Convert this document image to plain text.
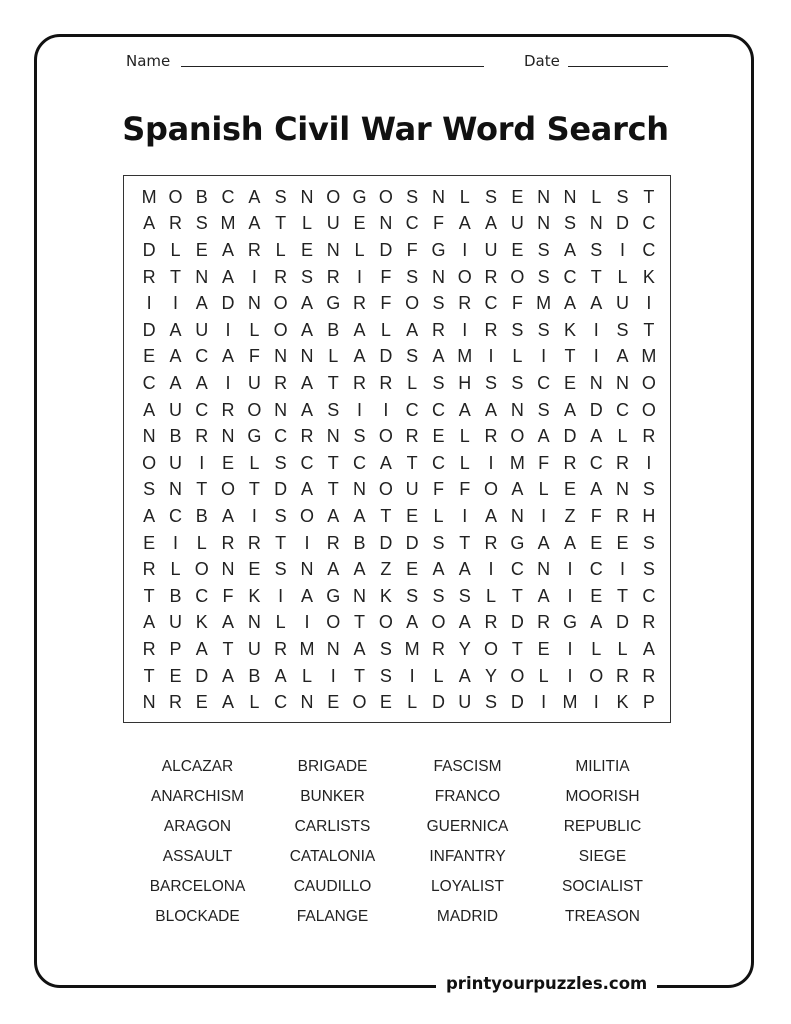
Name	Date
Spanish Civil War Word Search
M O B C A S N O G O S N L S E N N L S T
A R S M A T L U E N C F A A U N S N D C
D L E A R L E N L D F G I U E S A S I C
R T N A I R S R I	F S N O R O S C T L K
I	I A D N O A G R F O S R C F M A A U I
D A U I	L O A B A L A R I R S S K I S T
E A C A F N N L A D S A M I	L	I	T	I A M
C A A I U R A T R R L S H S S C E N N O
A U C R O N A S I	I C C A A N S A D C O
N B R N G C R N S O R E L R O A D A L R
O U I E L S C T C A T C L	I M F R C R I
S N T O T D A T N O U F F O A L E A N S
A C B A I S O A A T E L	I A N I	Z F R H
E I	L R R T	I R B D D S T R G A A E E S
R L O N E S N A A Z E A A I C N I C I S
T B C F K I A G N K S S S L T A I E T C
A U K A N L	I O T O A O A R D R G A D R
R P A T U R M N A S M R Y O T E I	L L A
T E D A B A L	I	T S I	L A Y O L	I O R R
N R E A L C N E O E L D U S D I M I K P
ALCAZAR	BRIGADE	FASCISM	MILITIA
ANARCHISM	BUNKER	FRANCO	MOORISH
ARAGON	CARLISTS	GUERNICA	REPUBLIC
ASSAULT	CATALONIA	INFANTRY	SIEGE
BARCELONA	CAUDILLO	LOYALIST	SOCIALIST
BLOCKADE	FALANGE	MADRID	TREASON
printyourpuzzles.com
